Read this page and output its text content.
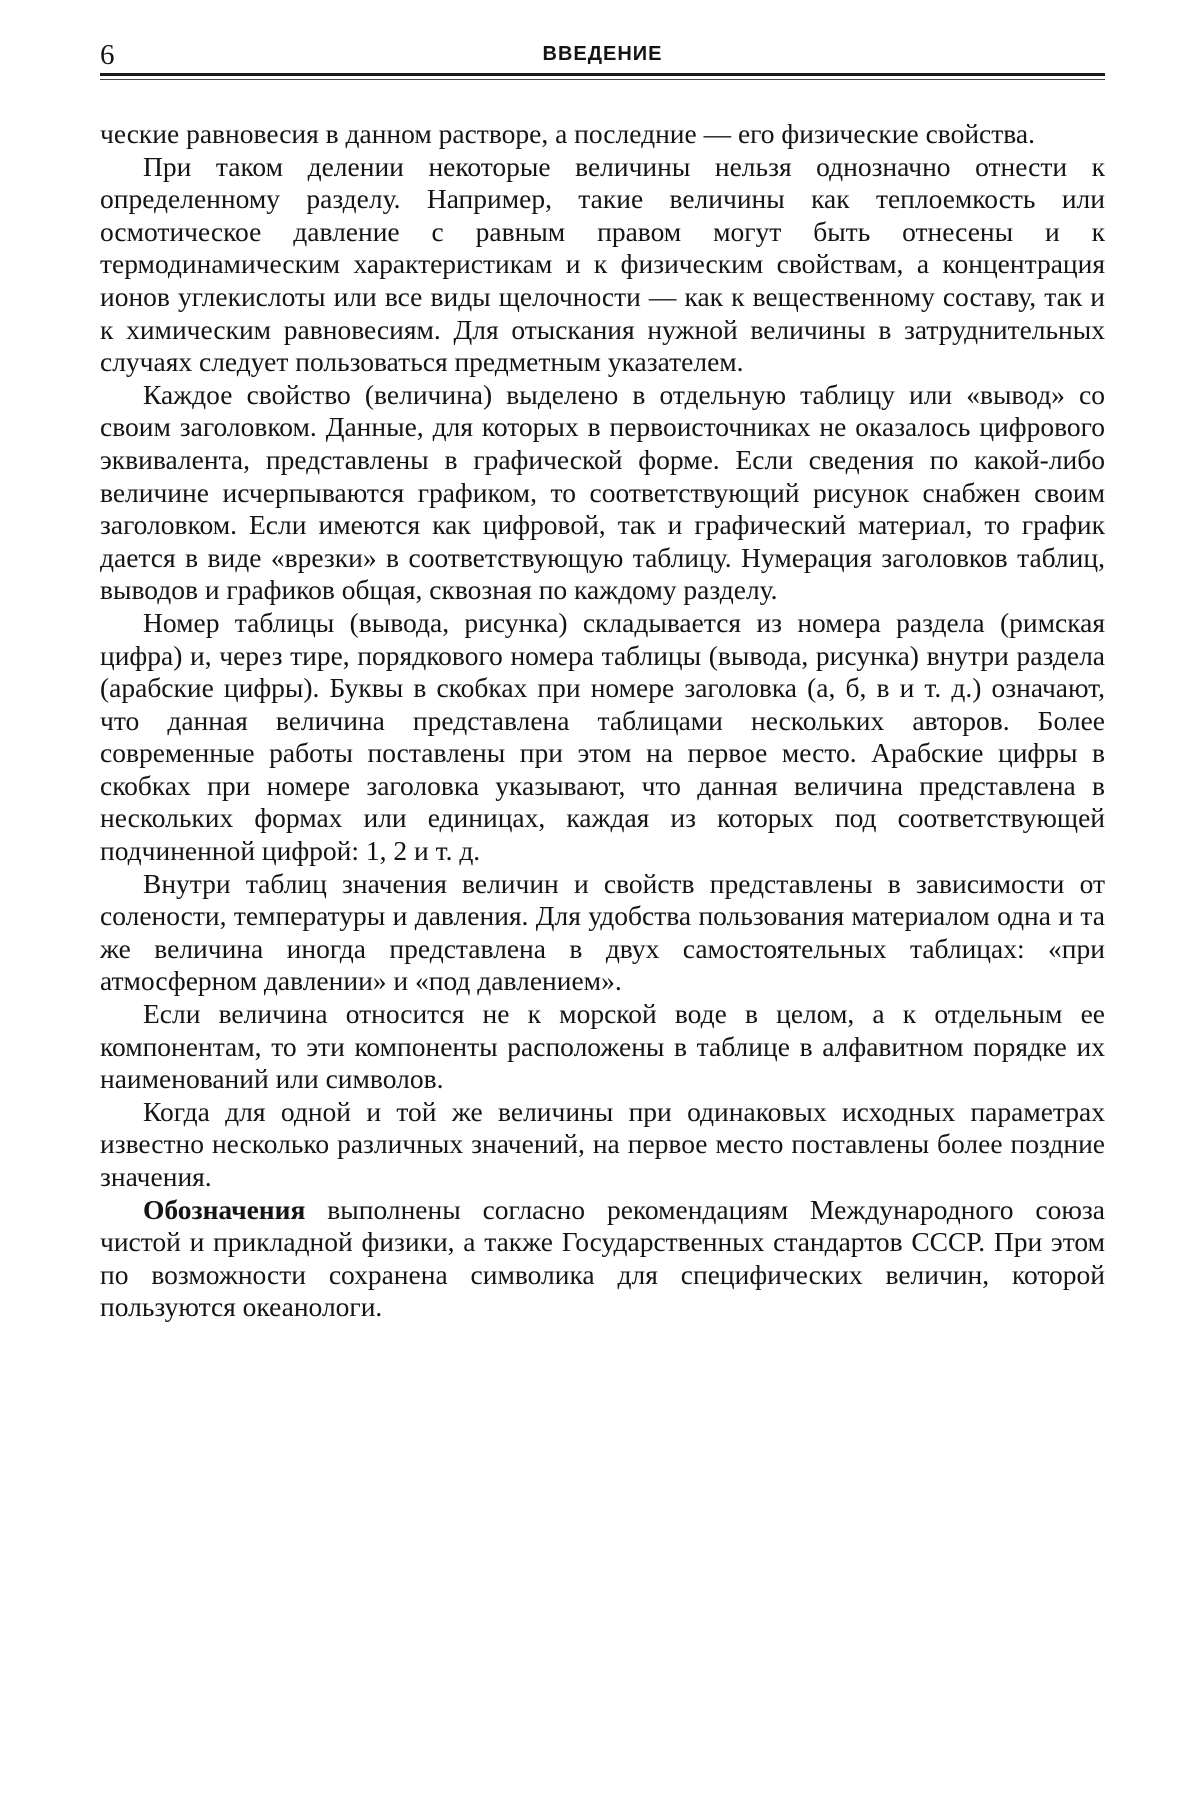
6	ВВЕДЕНИЕ

ческие равновесия в данном растворе, а последние — его физические свойства.

При таком делении некоторые величины нельзя однозначно отнести к определенному разделу. Например, такие величины как теплоемкость или осмотическое давление с равным правом могут быть отнесены и к термодинамическим характеристикам и к физическим свойствам, а концентрация ионов углекислоты или все виды щелочности — как к вещественному составу, так и к химическим равновесиям. Для отыскания нужной величины в затруднительных случаях следует пользоваться предметным указателем.

Каждое свойство (величина) выделено в отдельную таблицу или «вывод» со своим заголовком. Данные, для которых в первоисточниках не оказалось цифрового эквивалента, представлены в графической форме. Если сведения по какой-либо величине исчерпываются графиком, то соответствующий рисунок снабжен своим заголовком. Если имеются как цифровой, так и графический материал, то график дается в виде «врезки» в соответствующую таблицу. Нумерация заголовков таблиц, выводов и графиков общая, сквозная по каждому разделу.

Номер таблицы (вывода, рисунка) складывается из номера раздела (римская цифра) и, через тире, порядкового номера таблицы (вывода, рисунка) внутри раздела (арабские цифры). Буквы в скобках при номере заголовка (а, б, в и т. д.) означают, что данная величина представлена таблицами нескольких авторов. Более современные работы поставлены при этом на первое место. Арабские цифры в скобках при номере заголовка указывают, что данная величина представлена в нескольких формах или единицах, каждая из которых под соответствующей подчиненной цифрой: 1, 2 и т. д.

Внутри таблиц значения величин и свойств представлены в зависимости от солености, температуры и давления. Для удобства пользования материалом одна и та же величина иногда представлена в двух самостоятельных таблицах: «при атмосферном давлении» и «под давлением».

Если величина относится не к морской воде в целом, а к отдельным ее компонентам, то эти компоненты расположены в таблице в алфавитном порядке их наименований или символов.

Когда для одной и той же величины при одинаковых исходных параметрах известно несколько различных значений, на первое место поставлены более поздние значения.

Обозначения выполнены согласно рекомендациям Международного союза чистой и прикладной физики, а также Государственных стандартов СССР. При этом по возможности сохранена символика для специфических величин, которой пользуются океанологи.
